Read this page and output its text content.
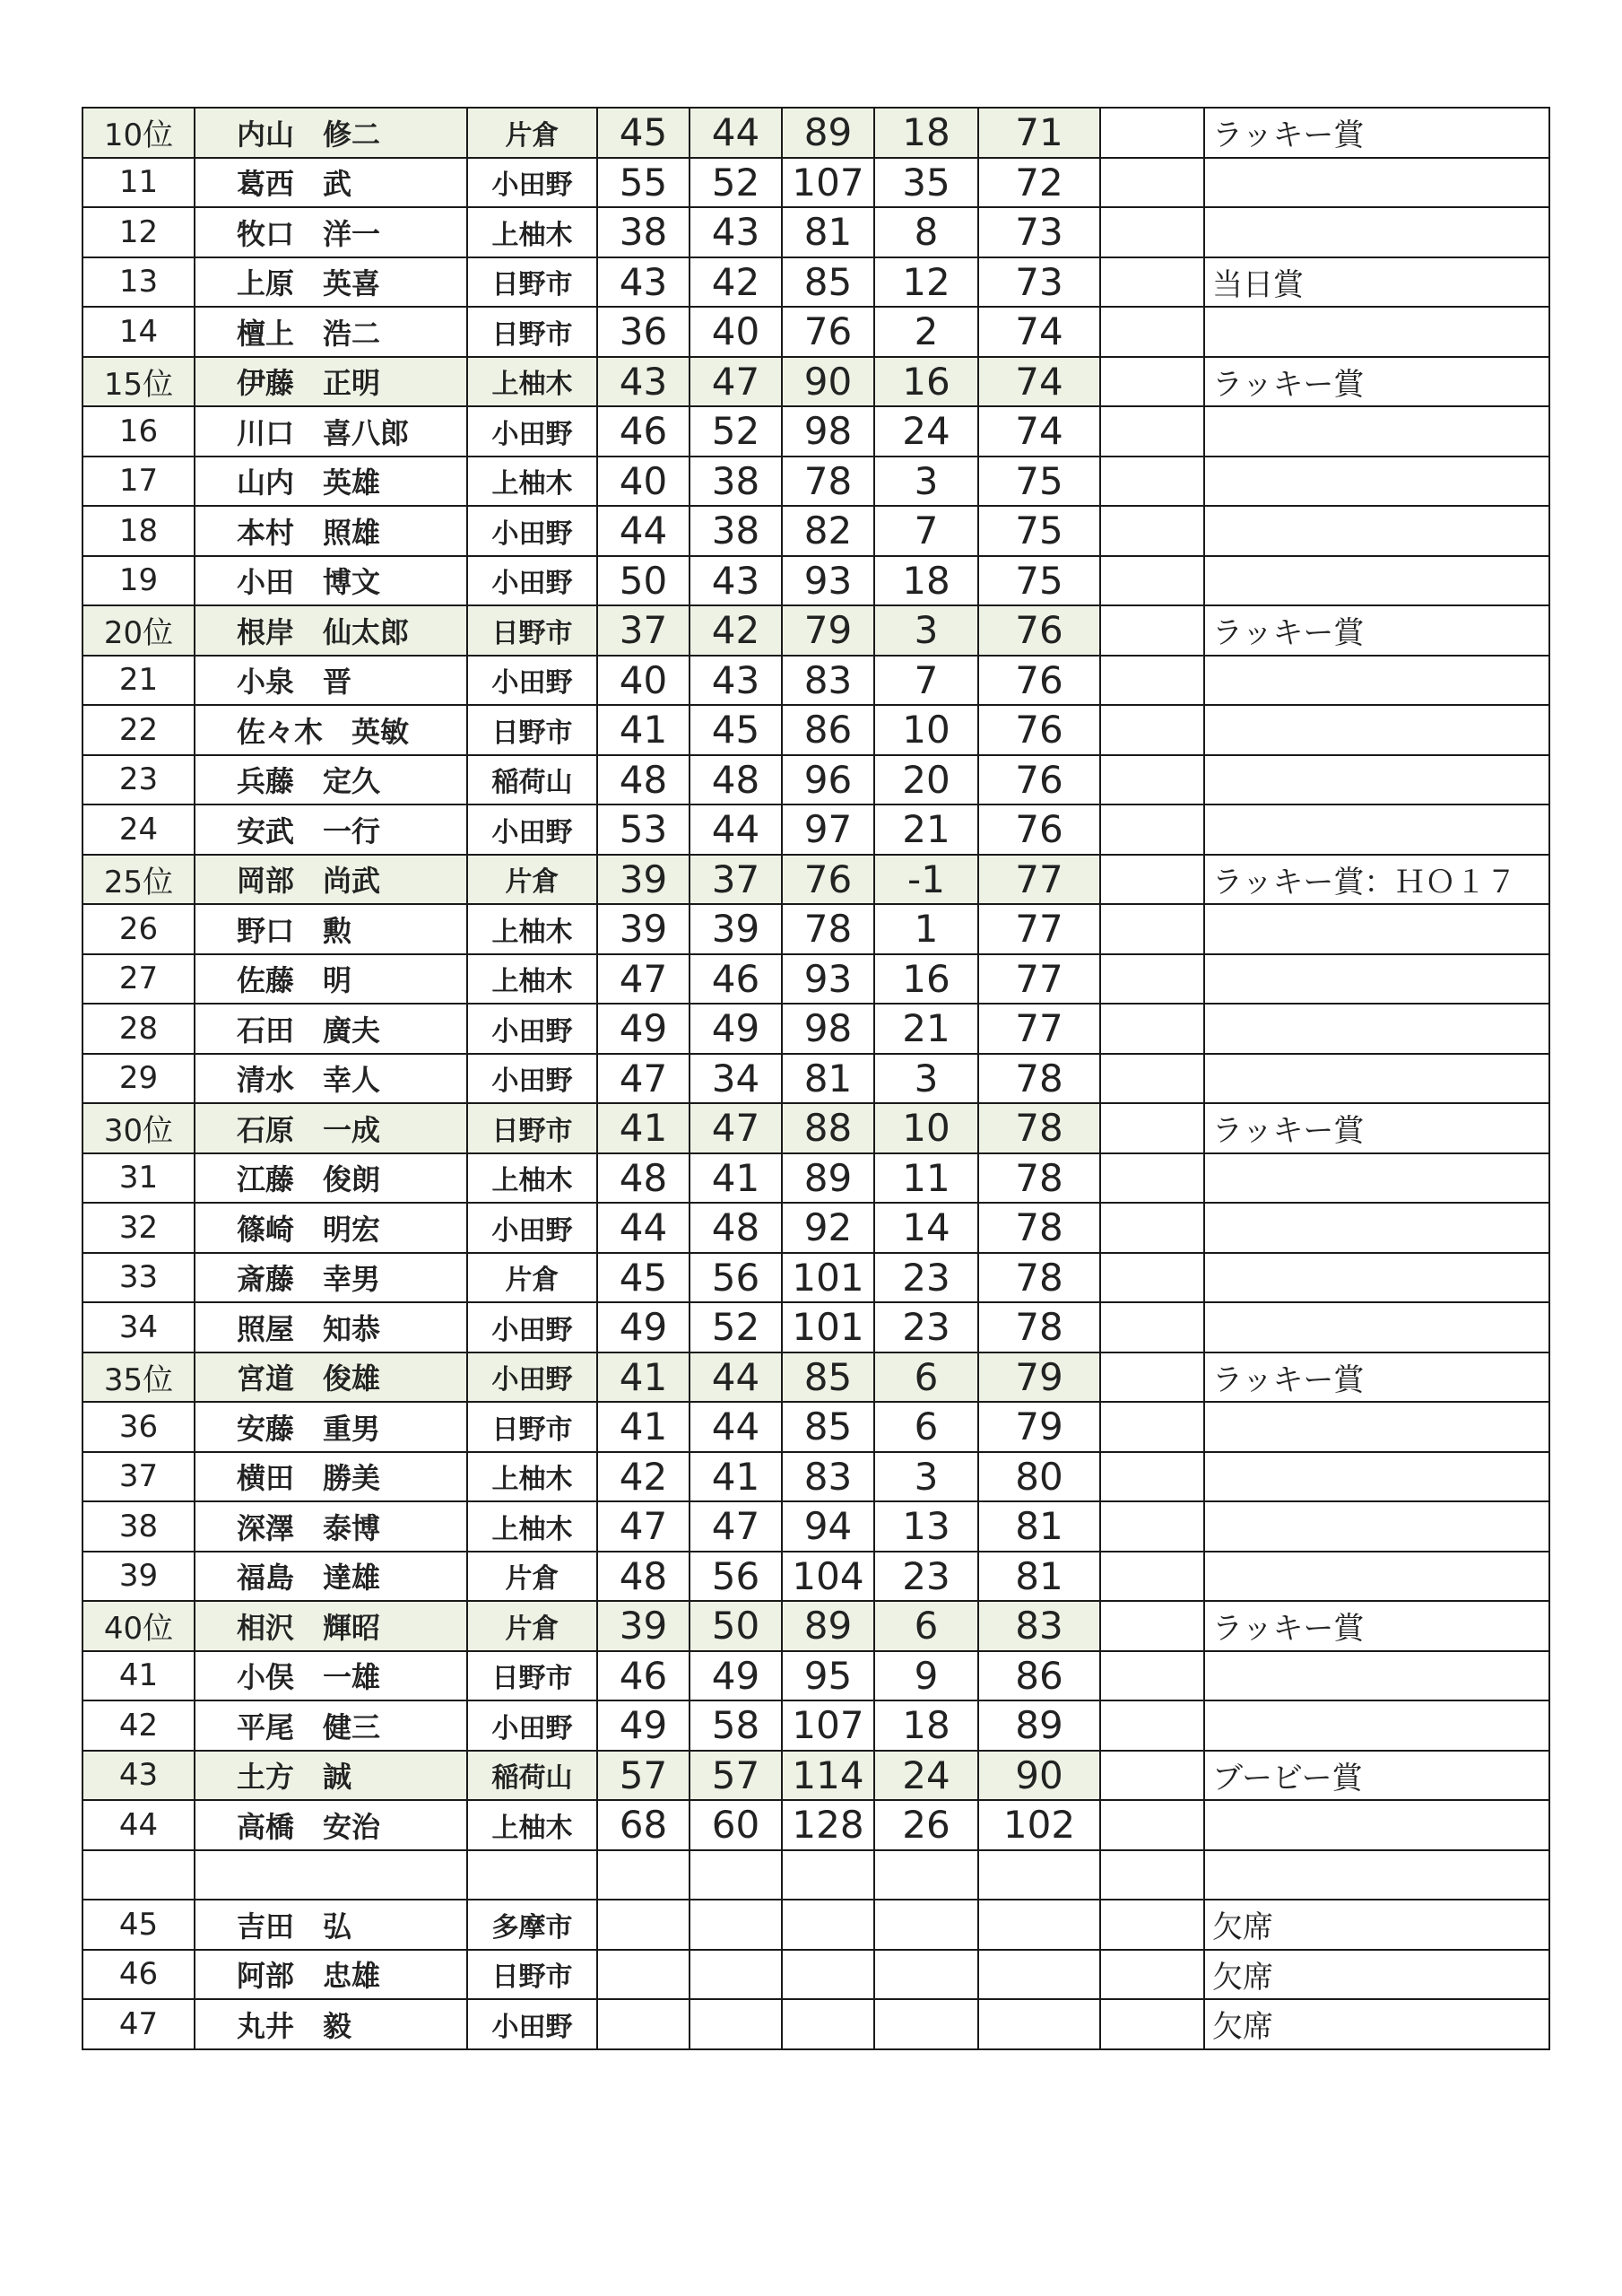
10位	内山　修二	片倉	45	44	89	18	71		ラッキー賞
11	葛西　武	小田野	55	52	107	35	72		
12	牧口　洋一	上柚木	38	43	81	8	73		
13	上原　英喜	日野市	43	42	85	12	73		当日賞
14	檀上　浩二	日野市	36	40	76	2	74		
15位	伊藤　正明	上柚木	43	47	90	16	74		ラッキー賞
16	川口　喜八郎	小田野	46	52	98	24	74		
17	山内　英雄	上柚木	40	38	78	3	75		
18	本村　照雄	小田野	44	38	82	7	75		
19	小田　博文	小田野	50	43	93	18	75		
20位	根岸　仙太郎	日野市	37	42	79	3	76		ラッキー賞
21	小泉　晋	小田野	40	43	83	7	76		
22	佐々木　英敏	日野市	41	45	86	10	76		
23	兵藤　定久	稲荷山	48	48	96	20	76		
24	安武　一行	小田野	53	44	97	21	76		
25位	岡部　尚武	片倉	39	37	76	-1	77		ラッキー賞：ＨＯ１７
26	野口　勲	上柚木	39	39	78	1	77		
27	佐藤　明	上柚木	47	46	93	16	77		
28	石田　廣夫	小田野	49	49	98	21	77		
29	清水　幸人	小田野	47	34	81	3	78		
30位	石原　一成	日野市	41	47	88	10	78		ラッキー賞
31	江藤　俊朗	上柚木	48	41	89	11	78		
32	篠崎　明宏	小田野	44	48	92	14	78		
33	斎藤　幸男	片倉	45	56	101	23	78		
34	照屋　知恭	小田野	49	52	101	23	78		
35位	宮道　俊雄	小田野	41	44	85	6	79		ラッキー賞
36	安藤　重男	日野市	41	44	85	6	79		
37	横田　勝美	上柚木	42	41	83	3	80		
38	深澤　泰博	上柚木	47	47	94	13	81		
39	福島　達雄	片倉	48	56	104	23	81		
40位	相沢　輝昭	片倉	39	50	89	6	83		ラッキー賞
41	小俣　一雄	日野市	46	49	95	9	86		
42	平尾　健三	小田野	49	58	107	18	89		
43	土方　誠	稲荷山	57	57	114	24	90		ブービー賞
44	高橋　安治	上柚木	68	60	128	26	102		

45	吉田　弘	多摩市							欠席
46	阿部　忠雄	日野市							欠席
47	丸井　毅	小田野							欠席
